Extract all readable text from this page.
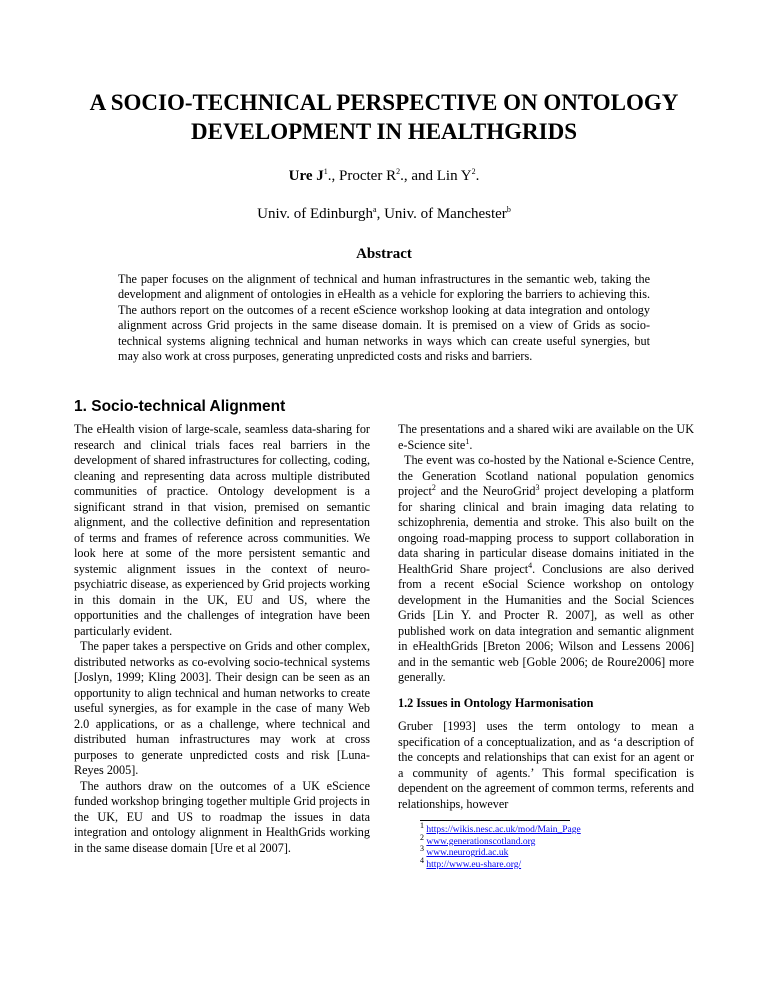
A SOCIO-TECHNICAL PERSPECTIVE ON ONTOLOGY DEVELOPMENT IN HEALTHGRIDS
Ure $J^1$., Procter $R^2$., and Lin $Y^2$.
Univ. of Edinburgh$^a$, Univ. of Manchester$^b$
Abstract

The paper focuses on the alignment of technical and human infrastructures in the semantic web, taking the development and alignment of ontologies in eHealth as a vehicle for exploring the barriers to achieving this. The authors report on the outcomes of a recent eScience workshop looking at data integration and ontology alignment across Grid projects in the same disease domain. It is premised on a view of Grids as socio-technical systems aligning technical and human networks in ways which can create useful synergies, but may also work at cross purposes, generating unpredicted costs and risks and barriers.

1. Socio-technical Alignment

The eHealth vision of large-scale, seamless data-sharing for research and clinical trials faces real barriers in the development of shared infrastructures for collecting, coding, cleaning and representing data across multiple distributed communities of practice. Ontology development is a significant strand in that vision, premised on semantic alignment, and the collective definition and representation of terms and frames of reference across communities. We look here at some of the more persistent semantic and systemic alignment issues in the context of neuro-psychiatric disease, as experienced by Grid projects working in this domain in the UK, EU and US, where the opportunities and the challenges of integration have been particularly evident.

The paper takes a perspective on Grids and other complex, distributed networks as co-evolving socio-technical systems [Joslyn, 1999; Kling 2003]. Their design can be seen as an opportunity to align technical and human networks to create useful synergies, as for example in the case of many Web 2.0 applications, or as a challenge, where technical and distributed human infrastructures may work at cross purposes to generate unpredicted costs and risk [Luna-Reyes 2005].

The authors draw on the outcomes of a UK eScience funded workshop bringing together multiple Grid projects in the UK, EU and US to roadmap the issues in data integration and ontology alignment in HealthGrids working in the same disease domain [Ure et al 2007].

The presentations and a shared wiki are available on the UK e-Science site$^1$.

The event was co-hosted by the National e-Science Centre, the Generation Scotland national population genomics project$^2$ and the NeuroGrid$^3$ project developing a platform for sharing clinical and brain imaging data relating to schizophrenia, dementia and stroke. This also built on the ongoing road-mapping process to support collaboration in data sharing in particular disease domains initiated in the HealthGrid Share project$^4$. Conclusions are also derived from a recent eSocial Science workshop on ontology development in the Humanities and the Social Sciences Grids [Lin Y. and Procter R. 2007], as well as other published work on data integration and semantic alignment in eHealthGrids [Breton 2006; Wilson and Lessens 2006] and in the semantic web [Goble 2006; de Roure2006] more generally.

1.2 Issues in Ontology Harmonisation

Gruber [1993] uses the term ontology to mean a specification of a conceptualization, and as ‘a description of the concepts and relationships that can exist for an agent or a community of agents.’ This formal specification is dependent on the agreement of common terms, referents and relationships, however

$^1$ https://wikis.nesc.ac.uk/mod/Main_Page
$^2$ www.generationscotland.org
$^3$ www.neurogrid.ac.uk
$^4$ http://www.eu-share.org/
